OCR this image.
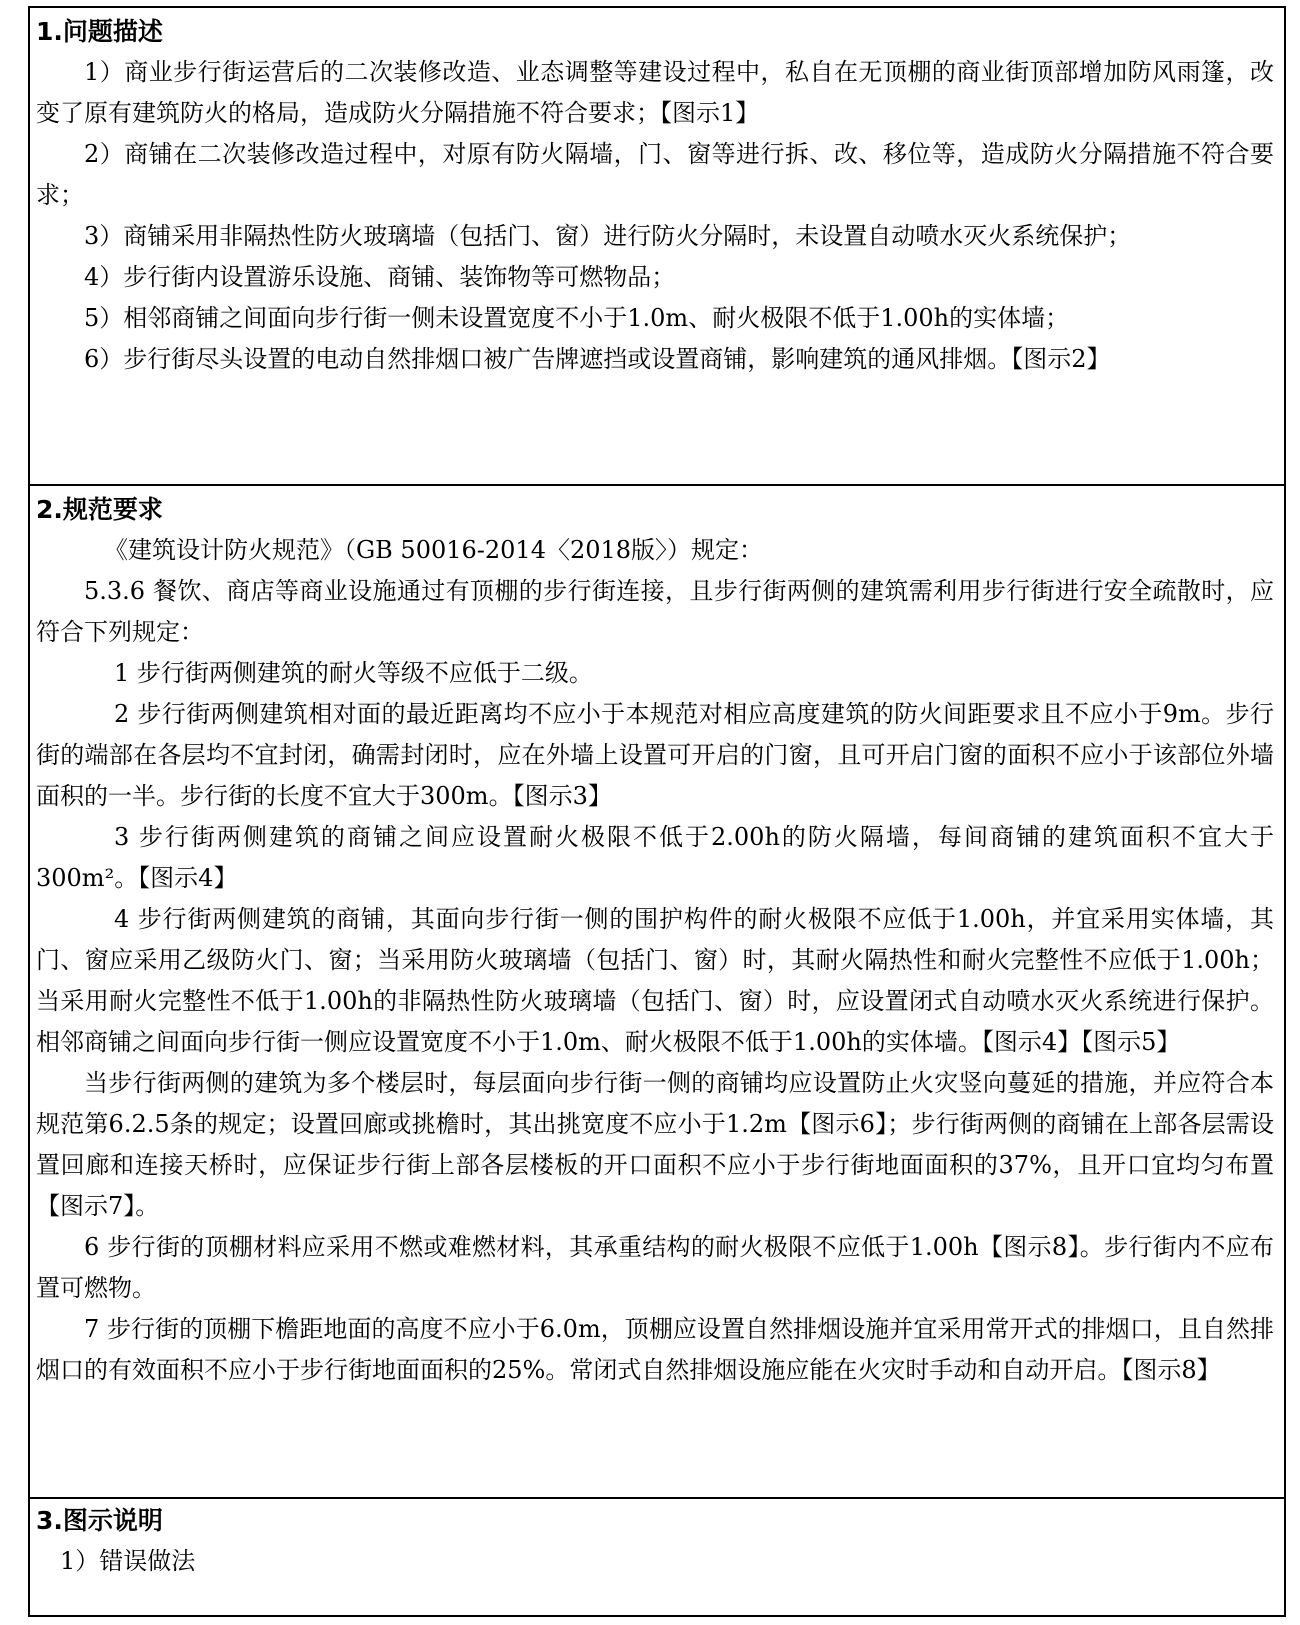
1.问题描述

1）商业步行街运营后的二次装修改造、业态调整等建设过程中，私自在无顶棚的商业街顶部增加防风雨篷，改变了原有建筑防火的格局，造成防火分隔措施不符合要求；【图示1】

2）商铺在二次装修改造过程中，对原有防火隔墙，门、窗等进行拆、改、移位等，造成防火分隔措施不符合要求；

3）商铺采用非隔热性防火玻璃墙（包括门、窗）进行防火分隔时，未设置自动喷水灭火系统保护；

4）步行街内设置游乐设施、商铺、装饰物等可燃物品；

5）相邻商铺之间面向步行街一侧未设置宽度不小于1.0m、耐火极限不低于1.00h的实体墙；

6）步行街尽头设置的电动自然排烟口被广告牌遮挡或设置商铺，影响建筑的通风排烟。【图示2】

2.规范要求

《建筑设计防火规范》（GB 50016-2014〈2018版〉）规定：

5.3.6 餐饮、商店等商业设施通过有顶棚的步行街连接，且步行街两侧的建筑需利用步行街进行安全疏散时，应符合下列规定：

1 步行街两侧建筑的耐火等级不应低于二级。

2 步行街两侧建筑相对面的最近距离均不应小于本规范对相应高度建筑的防火间距要求且不应小于9m。步行街的端部在各层均不宜封闭，确需封闭时，应在外墙上设置可开启的门窗，且可开启门窗的面积不应小于该部位外墙面积的一半。步行街的长度不宜大于300m。【图示3】

3 步行街两侧建筑的商铺之间应设置耐火极限不低于2.00h的防火隔墙，每间商铺的建筑面积不宜大于300m²。【图示4】

4 步行街两侧建筑的商铺，其面向步行街一侧的围护构件的耐火极限不应低于1.00h，并宜采用实体墙，其门、窗应采用乙级防火门、窗；当采用防火玻璃墙（包括门、窗）时，其耐火隔热性和耐火完整性不应低于1.00h；当采用耐火完整性不低于1.00h的非隔热性防火玻璃墙（包括门、窗）时，应设置闭式自动喷水灭火系统进行保护。相邻商铺之间面向步行街一侧应设置宽度不小于1.0m、耐火极限不低于1.00h的实体墙。【图示4】【图示5】

当步行街两侧的建筑为多个楼层时，每层面向步行街一侧的商铺均应设置防止火灾竖向蔓延的措施，并应符合本规范第6.2.5条的规定；设置回廊或挑檐时，其出挑宽度不应小于1.2m【图示6】；步行街两侧的商铺在上部各层需设置回廊和连接天桥时，应保证步行街上部各层楼板的开口面积不应小于步行街地面面积的37%，且开口宜均匀布置【图示7】。

6 步行街的顶棚材料应采用不燃或难燃材料，其承重结构的耐火极限不应低于1.00h【图示8】。步行街内不应布置可燃物。

7 步行街的顶棚下檐距地面的高度不应小于6.0m，顶棚应设置自然排烟设施并宜采用常开式的排烟口，且自然排烟口的有效面积不应小于步行街地面面积的25%。常闭式自然排烟设施应能在火灾时手动和自动开启。【图示8】

3.图示说明

1）错误做法
